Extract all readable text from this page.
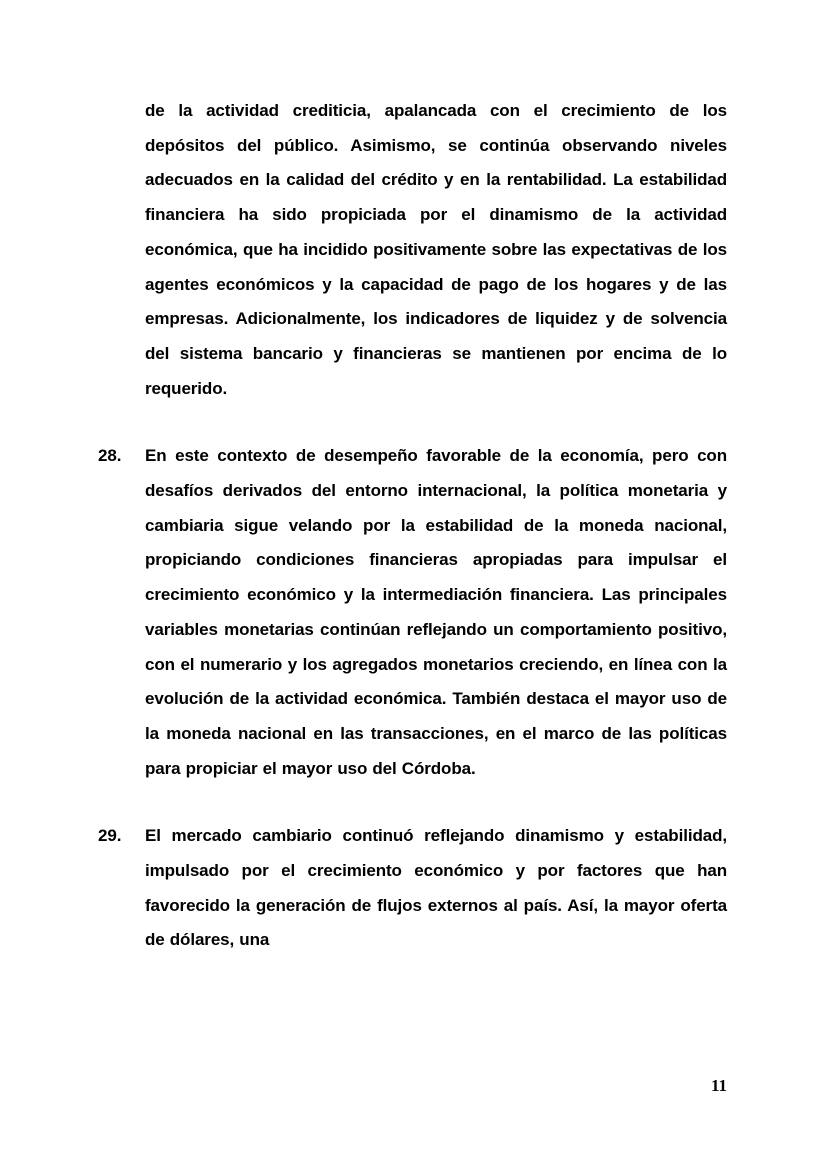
de la actividad crediticia, apalancada con el crecimiento de los depósitos del público. Asimismo, se continúa observando niveles adecuados en la calidad del crédito y en la rentabilidad. La estabilidad financiera ha sido propiciada por el dinamismo de la actividad económica, que ha incidido positivamente sobre las expectativas de los agentes económicos y la capacidad de pago de los hogares y de las empresas. Adicionalmente, los indicadores de liquidez y de solvencia del sistema bancario y financieras se mantienen por encima de lo requerido.

28.	En este contexto de desempeño favorable de la economía, pero con desafíos derivados del entorno internacional, la política monetaria y cambiaria sigue velando por la estabilidad de la moneda nacional, propiciando condiciones financieras apropiadas para impulsar el crecimiento económico y la intermediación financiera. Las principales variables monetarias continúan reflejando un comportamiento positivo, con el numerario y los agregados monetarios creciendo, en línea con la evolución de la actividad económica. También destaca el mayor uso de la moneda nacional en las transacciones, en el marco de las políticas para propiciar el mayor uso del Córdoba.

29.	El mercado cambiario continuó reflejando dinamismo y estabilidad, impulsado por el crecimiento económico y por factores que han favorecido la generación de flujos externos al país. Así, la mayor oferta de dólares, una

11
